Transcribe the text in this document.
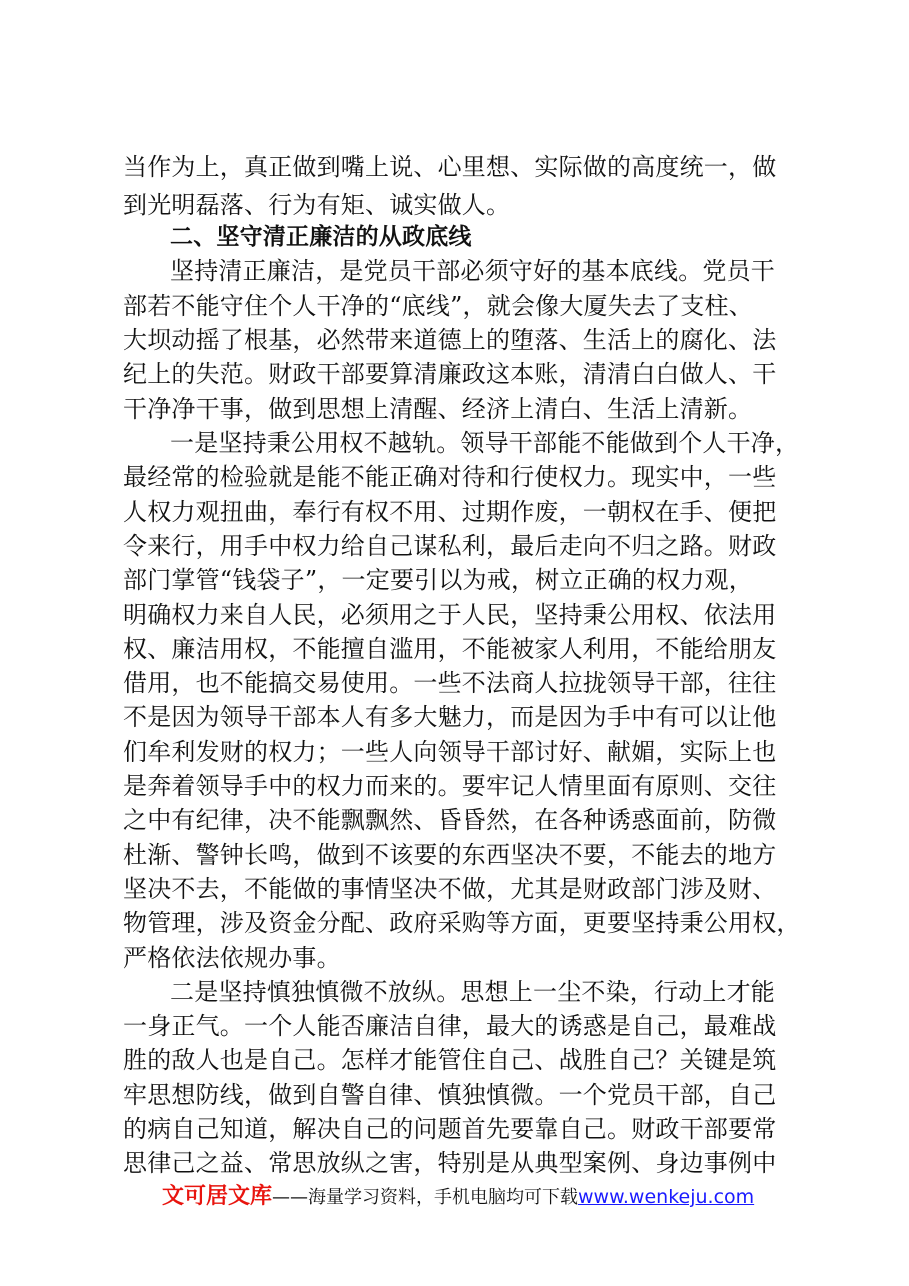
当作为上，真正做到嘴上说、心里想、实际做的高度统一，做
到光明磊落、行为有矩、诚实做人。
二、坚守清正廉洁的从政底线
坚持清正廉洁，是党员干部必须守好的基本底线。党员干
部若不能守住个人干净的“底线”，就会像大厦失去了支柱、
大坝动摇了根基，必然带来道德上的堕落、生活上的腐化、法
纪上的失范。财政干部要算清廉政这本账，清清白白做人、干
干净净干事，做到思想上清醒、经济上清白、生活上清新。
一是坚持秉公用权不越轨。领导干部能不能做到个人干净，
最经常的检验就是能不能正确对待和行使权力。现实中，一些
人权力观扭曲，奉行有权不用、过期作废，一朝权在手、便把
令来行，用手中权力给自己谋私利，最后走向不归之路。财政
部门掌管“钱袋子”，一定要引以为戒，树立正确的权力观，
明确权力来自人民，必须用之于人民，坚持秉公用权、依法用
权、廉洁用权，不能擅自滥用，不能被家人利用，不能给朋友
借用，也不能搞交易使用。一些不法商人拉拢领导干部，往往
不是因为领导干部本人有多大魅力，而是因为手中有可以让他
们牟利发财的权力；一些人向领导干部讨好、献媚，实际上也
是奔着领导手中的权力而来的。要牢记人情里面有原则、交往
之中有纪律，决不能飘飘然、昏昏然，在各种诱惑面前，防微
杜渐、警钟长鸣，做到不该要的东西坚决不要，不能去的地方
坚决不去，不能做的事情坚决不做，尤其是财政部门涉及财、
物管理，涉及资金分配、政府采购等方面，更要坚持秉公用权，
严格依法依规办事。
二是坚持慎独慎微不放纵。思想上一尘不染，行动上才能
一身正气。一个人能否廉洁自律，最大的诱惑是自己，最难战
胜的敌人也是自己。怎样才能管住自己、战胜自己？关键是筑
牢思想防线，做到自警自律、慎独慎微。一个党员干部，自己
的病自己知道，解决自己的问题首先要靠自己。财政干部要常
思律己之益、常思放纵之害，特别是从典型案例、身边事例中
文可居文库——海量学习资料，手机电脑均可下载www.wenkeju.com
